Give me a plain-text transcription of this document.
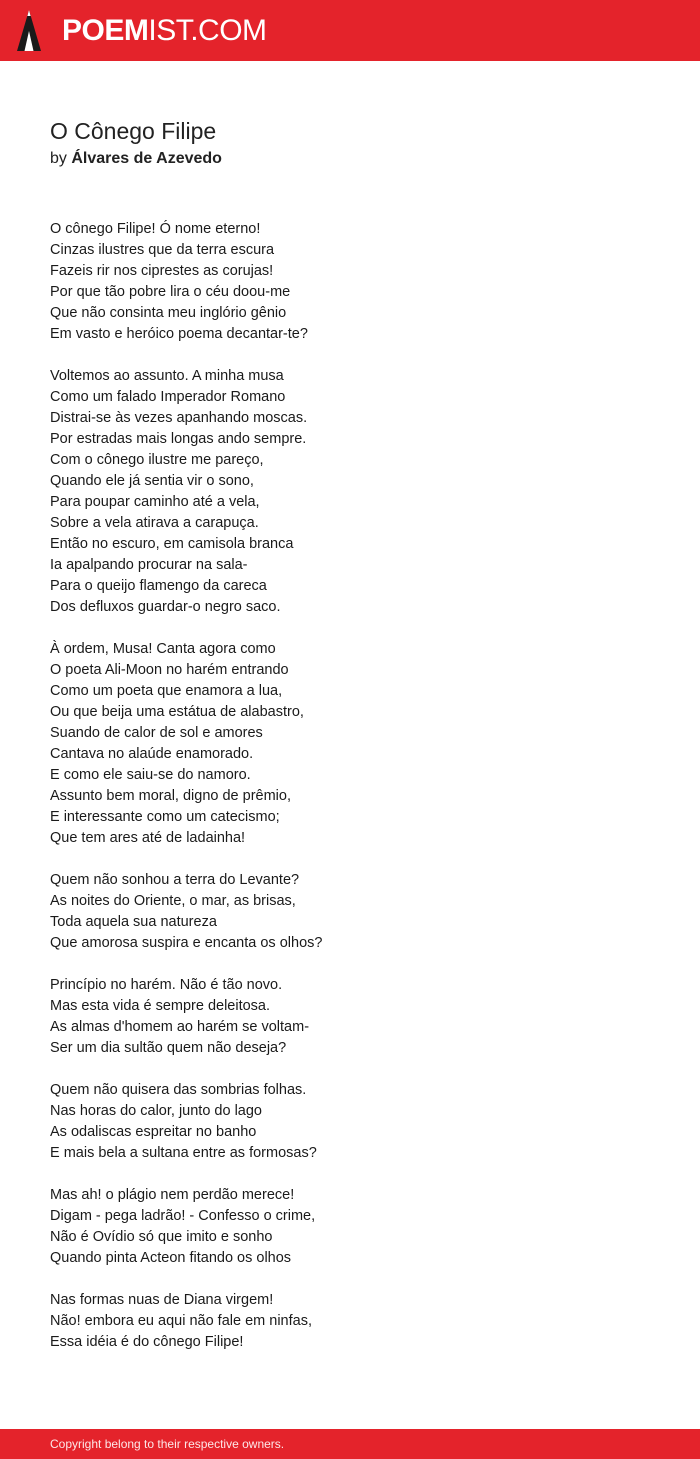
POEMIST.COM
O Cônego Filipe
by Álvares de Azevedo
O cônego Filipe! Ó nome eterno!
Cinzas ilustres que da terra escura
Fazeis rir nos ciprestes as corujas!
Por que tão pobre lira o céu doou-me
Que não consinta meu inglório gênio
Em vasto e heróico poema decantar-te?
Voltemos ao assunto. A minha musa
Como um falado Imperador Romano
Distrai-se às vezes apanhando moscas.
Por estradas mais longas ando sempre.
Com o cônego ilustre me pareço,
Quando ele já sentia vir o sono,
Para poupar caminho até a vela,
Sobre a vela atirava a carapuça.
Então no escuro, em camisola branca
Ia apalpando procurar na sala-
Para o queijo flamengo da careca
Dos defluxos guardar-o negro saco.
À ordem, Musa! Canta agora como
O poeta Ali-Moon no harém entrando
Como um poeta que enamora a lua,
Ou que beija uma estátua de alabastro,
Suando de calor de sol e amores
Cantava no alaúde enamorado.
E como ele saiu-se do namoro.
Assunto bem moral, digno de prêmio,
E interessante como um catecismo;
Que tem ares até de ladainha!
Quem não sonhou a terra do Levante?
As noites do Oriente, o mar, as brisas,
Toda aquela sua natureza
Que amorosa suspira e encanta os olhos?
Princípio no harém. Não é tão novo.
Mas esta vida é sempre deleitosa.
As almas d'homem ao harém se voltam-
Ser um dia sultão quem não deseja?
Quem não quisera das sombrias folhas.
Nas horas do calor, junto do lago
As odaliscas espreitar no banho
E mais bela a sultana entre as formosas?
Mas ah! o plágio nem perdão merece!
Digam - pega ladrão! - Confesso o crime,
Não é Ovídio só que imito e sonho
Quando pinta Acteon fitando os olhos
Nas formas nuas de Diana virgem!
Não! embora eu aqui não fale em ninfas,
Essa idéia é do cônego Filipe!
Copyright belong to their respective owners.
